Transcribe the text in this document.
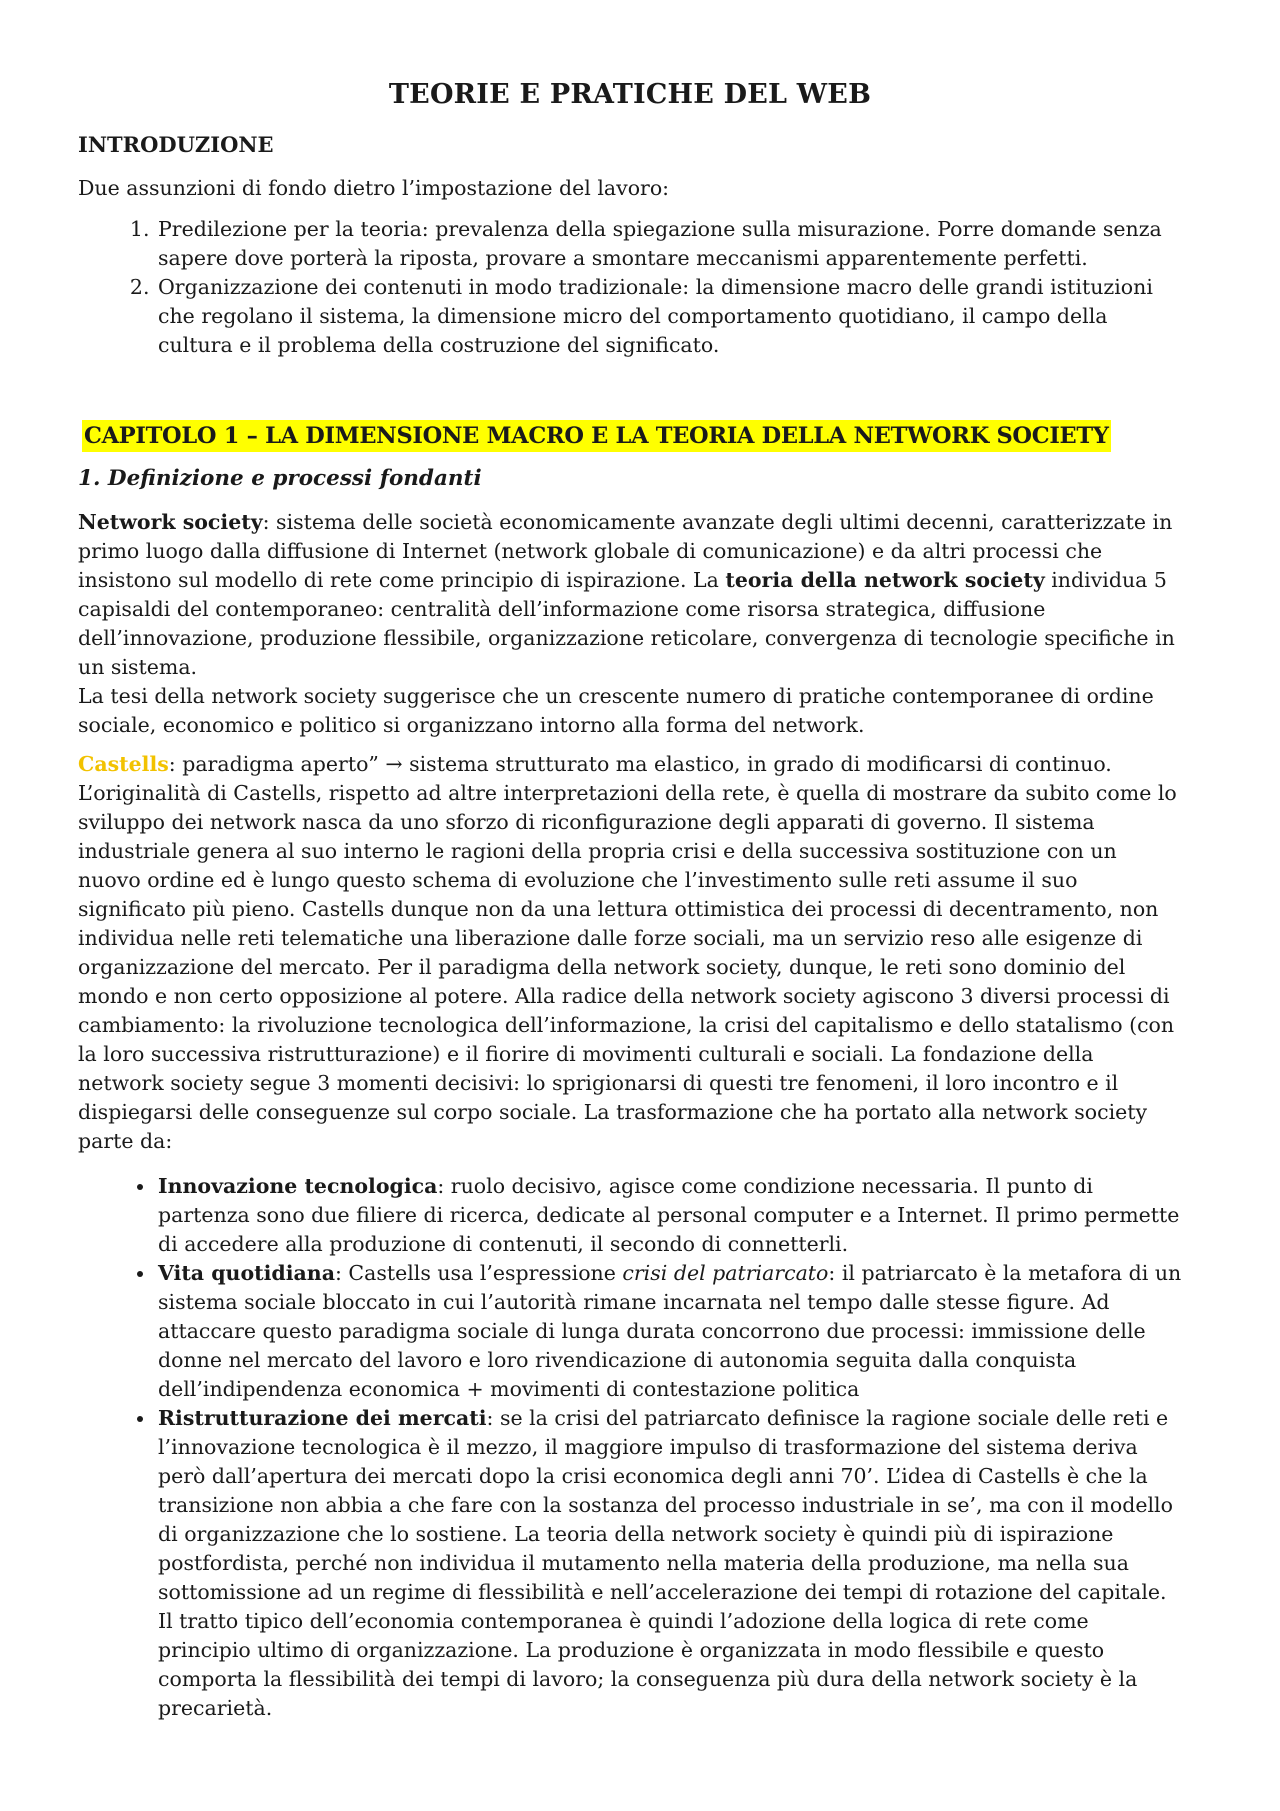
TEORIE E PRATICHE DEL WEB
INTRODUZIONE

Due assunzioni di fondo dietro l’impostazione del lavoro:

1. Predilezione per la teoria: prevalenza della spiegazione sulla misurazione. Porre domande senza sapere dove porterà la riposta, provare a smontare meccanismi apparentemente perfetti.
2. Organizzazione dei contenuti in modo tradizionale: la dimensione macro delle grandi istituzioni che regolano il sistema, la dimensione micro del comportamento quotidiano, il campo della cultura e il problema della costruzione del significato.
CAPITOLO 1 – LA DIMENSIONE MACRO E LA TEORIA DELLA NETWORK SOCIETY
1. Definizione e processi fondanti

Network society: sistema delle società economicamente avanzate degli ultimi decenni, caratterizzate in primo luogo dalla diffusione di Internet (network globale di comunicazione) e da altri processi che insistono sul modello di rete come principio di ispirazione. La teoria della network society individua 5 capisaldi del contemporaneo: centralità dell’informazione come risorsa strategica, diffusione dell’innovazione, produzione flessibile, organizzazione reticolare, convergenza di tecnologie specifiche in un sistema.
La tesi della network society suggerisce che un crescente numero di pratiche contemporanee di ordine sociale, economico e politico si organizzano intorno alla forma del network.

Castells: paradigma aperto” → sistema strutturato ma elastico, in grado di modificarsi di continuo. L’originalità di Castells, rispetto ad altre interpretazioni della rete, è quella di mostrare da subito come lo sviluppo dei network nasca da uno sforzo di riconfigurazione degli apparati di governo. Il sistema industriale genera al suo interno le ragioni della propria crisi e della successiva sostituzione con un nuovo ordine ed è lungo questo schema di evoluzione che l’investimento sulle reti assume il suo significato più pieno. Castells dunque non da una lettura ottimistica dei processi di decentramento, non individua nelle reti telematiche una liberazione dalle forze sociali, ma un servizio reso alle esigenze di organizzazione del mercato. Per il paradigma della network society, dunque, le reti sono dominio del mondo e non certo opposizione al potere. Alla radice della network society agiscono 3 diversi processi di cambiamento: la rivoluzione tecnologica dell’informazione, la crisi del capitalismo e dello statalismo (con la loro successiva ristrutturazione) e il fiorire di movimenti culturali e sociali. La fondazione della network society segue 3 momenti decisivi: lo sprigionarsi di questi tre fenomeni, il loro incontro e il dispiegarsi delle conseguenze sul corpo sociale. La trasformazione che ha portato alla network society parte da:

• Innovazione tecnologica: ruolo decisivo, agisce come condizione necessaria. Il punto di partenza sono due filiere di ricerca, dedicate al personal computer e a Internet. Il primo permette di accedere alla produzione di contenuti, il secondo di connetterli.
• Vita quotidiana: Castells usa l’espressione crisi del patriarcato: il patriarcato è la metafora di un sistema sociale bloccato in cui l’autorità rimane incarnata nel tempo dalle stesse figure. Ad attaccare questo paradigma sociale di lunga durata concorrono due processi: immissione delle donne nel mercato del lavoro e loro rivendicazione di autonomia seguita dalla conquista dell’indipendenza economica + movimenti di contestazione politica
• Ristrutturazione dei mercati: se la crisi del patriarcato definisce la ragione sociale delle reti e l’innovazione tecnologica è il mezzo, il maggiore impulso di trasformazione del sistema deriva però dall’apertura dei mercati dopo la crisi economica degli anni 70’. L’idea di Castells è che la transizione non abbia a che fare con la sostanza del processo industriale in se’, ma con il modello di organizzazione che lo sostiene. La teoria della network society è quindi più di ispirazione postfordista, perché non individua il mutamento nella materia della produzione, ma nella sua sottomissione ad un regime di flessibilità e nell’accelerazione dei tempi di rotazione del capitale.
Il tratto tipico dell’economia contemporanea è quindi l’adozione della logica di rete come principio ultimo di organizzazione. La produzione è organizzata in modo flessibile e questo comporta la flessibilità dei tempi di lavoro; la conseguenza più dura della network society è la precarietà.
